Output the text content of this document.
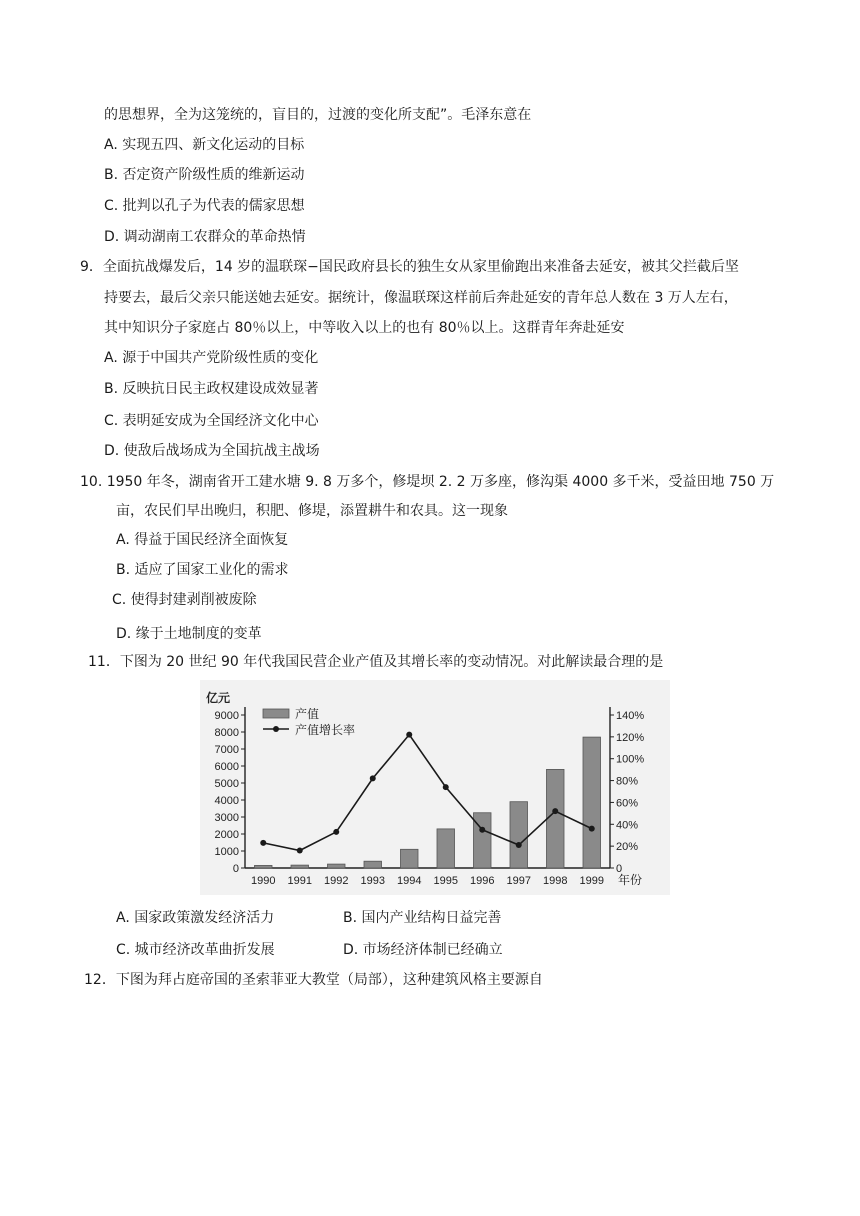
的思想界，全为这笼统的，盲目的，过渡的变化所支配”。毛泽东意在
A. 实现五四、新文化运动的目标
B. 否定资产阶级性质的维新运动
C. 批判以孔子为代表的儒家思想
D. 调动湖南工农群众的革命热情
9．全面抗战爆发后，14 岁的温联琛−国民政府县长的独生女从家里偷跑出来准备去延安，被其父拦截后坚
持要去，最后父亲只能送她去延安。据统计，像温联琛这样前后奔赴延安的青年总人数在 3 万人左右，
其中知识分子家庭占 80％以上，中等收入以上的也有 80％以上。这群青年奔赴延安
A. 源于中国共产党阶级性质的变化
B. 反映抗日民主政权建设成效显著
C. 表明延安成为全国经济文化中心
D. 使敌后战场成为全国抗战主战场
10. 1950 年冬，湖南省开工建水塘 9. 8 万多个，修堤坝 2. 2 万多座，修沟渠 4000 多千米，受益田地 750 万
亩，农民们早出晚归，积肥、修堤，添置耕牛和农具。这一现象
A. 得益于国民经济全面恢复
B. 适应了国家工业化的需求
C. 使得封建剥削被废除
D. 缘于土地制度的变革
11．下图为 20 世纪 90 年代我国民营企业产值及其增长率的变动情况。对此解读最合理的是
9000
8000
7000
6000
5000
4000
3000
2000
1000
0
140%
120%
100%
80%
60%
40%
20%
0
亿元
年份
1990 1991 1992 1993 1994 1995 1996 1997 1998 1999
产值
产值增长率
A. 国家政策激发经济活力	B. 国内产业结构日益完善
C. 城市经济改革曲折发展	D. 市场经济体制已经确立
12．下图为拜占庭帝国的圣索菲亚大教堂（局部），这种建筑风格主要源自
